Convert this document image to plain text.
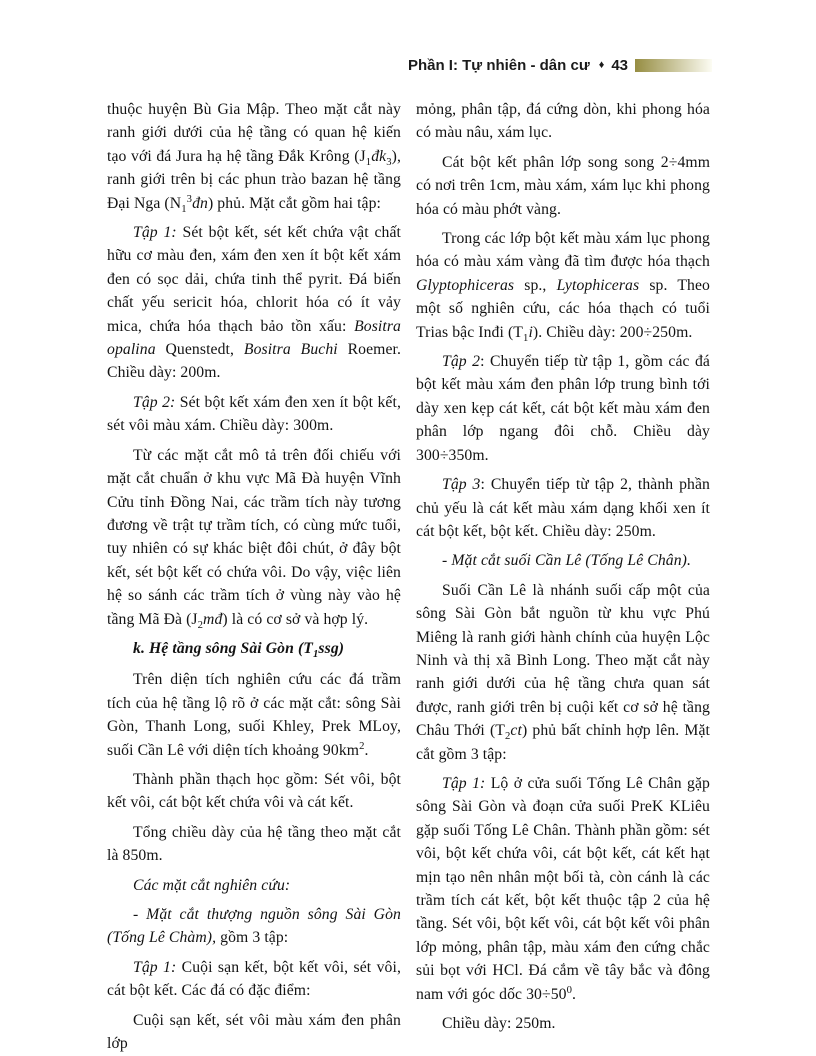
Phần I: Tự nhiên - dân cư ♦ 43

thuộc huyện Bù Gia Mập. Theo mặt cắt này ranh giới dưới của hệ tầng có quan hệ kiến tạo với đá Jura hạ hệ tầng Đắk Krông $(J_1đk_3)$, ranh giới trên bị các phun trào bazan hệ tầng Đại Nga $(N_1^3đn)$ phủ. Mặt cắt gồm hai tập:

Tập 1: Sét bột kết, sét kết chứa vật chất hữu cơ màu đen, xám đen xen ít bột kết xám đen có sọc dải, chứa tinh thể pyrit. Đá biến chất yếu sericit hóa, chlorit hóa có ít vảy mica, chứa hóa thạch bảo tồn xấu: Bositra opalina Quenstedt, Bositra Buchi Roemer. Chiều dày: 200m.

Tập 2: Sét bột kết xám đen xen ít bột kết, sét vôi màu xám. Chiều dày: 300m.

Từ các mặt cắt mô tả trên đối chiếu với mặt cắt chuẩn ở khu vực Mã Đà huyện Vĩnh Cửu tỉnh Đồng Nai, các trầm tích này tương đương về trật tự trầm tích, có cùng mức tuổi, tuy nhiên có sự khác biệt đôi chút, ở đây bột kết, sét bột kết có chứa vôi. Do vậy, việc liên hệ so sánh các trầm tích ở vùng này vào hệ tầng Mã Đà $(J_2mđ)$ là có cơ sở và hợp lý.

k. Hệ tầng sông Sài Gòn $(T_1ssg)$

Trên diện tích nghiên cứu các đá trầm tích của hệ tầng lộ rõ ở các mặt cắt: sông Sài Gòn, Thanh Long, suối Khley, Prek MLoy, suối Cần Lê với diện tích khoảng $90km^2$.

Thành phần thạch học gồm: Sét vôi, bột kết vôi, cát bột kết chứa vôi và cát kết.

Tổng chiều dày của hệ tầng theo mặt cắt là 850m.

Các mặt cắt nghiên cứu:

- Mặt cắt thượng nguồn sông Sài Gòn (Tống Lê Chàm), gồm 3 tập:

Tập 1: Cuội sạn kết, bột kết vôi, sét vôi, cát bột kết. Các đá có đặc điểm:

Cuội sạn kết, sét vôi màu xám đen phân lớp

mỏng, phân tập, đá cứng dòn, khi phong hóa có màu nâu, xám lục.

Cát bột kết phân lớp song song 2÷4mm có nơi trên 1cm, màu xám, xám lục khi phong hóa có màu phớt vàng.

Trong các lớp bột kết màu xám lục phong hóa có màu xám vàng đã tìm được hóa thạch Glyptophiceras sp., Lytophiceras sp. Theo một số nghiên cứu, các hóa thạch có tuổi Trias bậc Inđi $(T_1i)$. Chiều dày: 200÷250m.

Tập 2: Chuyển tiếp từ tập 1, gồm các đá bột kết màu xám đen phân lớp trung bình tới dày xen kẹp cát kết, cát bột kết màu xám đen phân lớp ngang đôi chỗ. Chiều dày 300÷350m.

Tập 3: Chuyển tiếp từ tập 2, thành phần chủ yếu là cát kết màu xám dạng khối xen ít cát bột kết, bột kết. Chiều dày: 250m.

- Mặt cắt suối Cần Lê (Tống Lê Chân).

Suối Cần Lê là nhánh suối cấp một của sông Sài Gòn bắt nguồn từ khu vực Phú Miêng là ranh giới hành chính của huyện Lộc Ninh và thị xã Bình Long. Theo mặt cắt này ranh giới dưới của hệ tầng chưa quan sát được, ranh giới trên bị cuội kết cơ sở hệ tầng Châu Thới $(T_2ct)$ phủ bất chỉnh hợp lên. Mặt cắt gồm 3 tập:

Tập 1: Lộ ở cửa suối Tống Lê Chân gặp sông Sài Gòn và đoạn cửa suối PreK KLiêu gặp suối Tống Lê Chân. Thành phần gồm: sét vôi, bột kết chứa vôi, cát bột kết, cát kết hạt mịn tạo nên nhân một bối tà, còn cánh là các trầm tích cát kết, bột kết thuộc tập 2 của hệ tầng. Sét vôi, bột kết vôi, cát bột kết vôi phân lớp mỏng, phân tập, màu xám đen cứng chắc sủi bọt với HCl. Đá cắm về tây bắc và đông nam với góc dốc $30\div 50^0$.

Chiều dày: 250m.
